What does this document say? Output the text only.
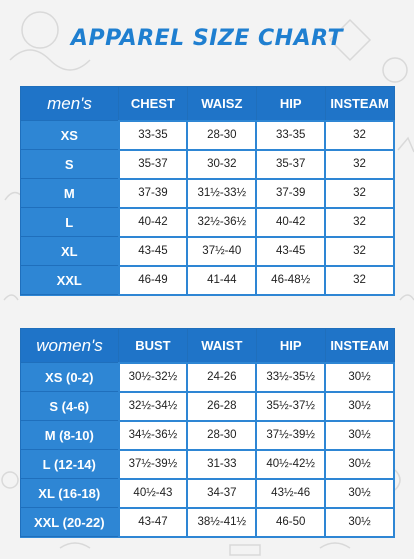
APPAREL SIZE CHART
men's	CHEST	WAISZ	HIP	INSTEAM
XS	33-35	28-30	33-35	32
S	35-37	30-32	35-37	32
M	37-39	31½-33½	37-39	32
L	40-42	32½-36½	40-42	32
XL	43-45	37½-40	43-45	32
XXL	46-49	41-44	46-48½	32
women's	BUST	WAIST	HIP	INSTEAM
XS (0-2)	30½-32½	24-26	33½-35½	30½
S (4-6)	32½-34½	26-28	35½-37½	30½
M (8-10)	34½-36½	28-30	37½-39½	30½
L (12-14)	37½-39½	31-33	40½-42½	30½
XL (16-18)	40½-43	34-37	43½-46	30½
XXL (20-22)	43-47	38½-41½	46-50	30½
